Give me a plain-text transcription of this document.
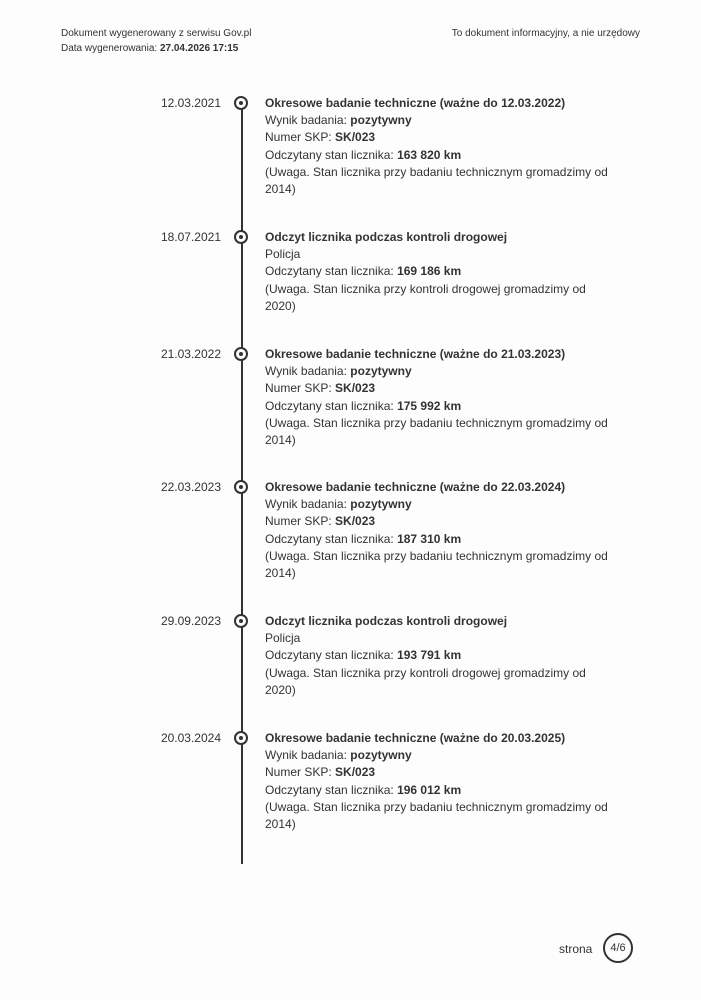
Dokument wygenerowany z serwisu Gov.pl
Data wygenerowania: 27.04.2026 17:15
To dokument informacyjny, a nie urzędowy
12.03.2021	Okresowe badanie techniczne (ważne do 12.03.2022)
Wynik badania: pozytywny
Numer SKP: SK/023
Odczytany stan licznika: 163 820 km
(Uwaga. Stan licznika przy badaniu technicznym gromadzimy od 2014)
18.07.2021	Odczyt licznika podczas kontroli drogowej
Policja
Odczytany stan licznika: 169 186 km
(Uwaga. Stan licznika przy kontroli drogowej gromadzimy od 2020)
21.03.2022	Okresowe badanie techniczne (ważne do 21.03.2023)
Wynik badania: pozytywny
Numer SKP: SK/023
Odczytany stan licznika: 175 992 km
(Uwaga. Stan licznika przy badaniu technicznym gromadzimy od 2014)
22.03.2023	Okresowe badanie techniczne (ważne do 22.03.2024)
Wynik badania: pozytywny
Numer SKP: SK/023
Odczytany stan licznika: 187 310 km
(Uwaga. Stan licznika przy badaniu technicznym gromadzimy od 2014)
29.09.2023	Odczyt licznika podczas kontroli drogowej
Policja
Odczytany stan licznika: 193 791 km
(Uwaga. Stan licznika przy kontroli drogowej gromadzimy od 2020)
20.03.2024	Okresowe badanie techniczne (ważne do 20.03.2025)
Wynik badania: pozytywny
Numer SKP: SK/023
Odczytany stan licznika: 196 012 km
(Uwaga. Stan licznika przy badaniu technicznym gromadzimy od 2014)
strona	4/6
